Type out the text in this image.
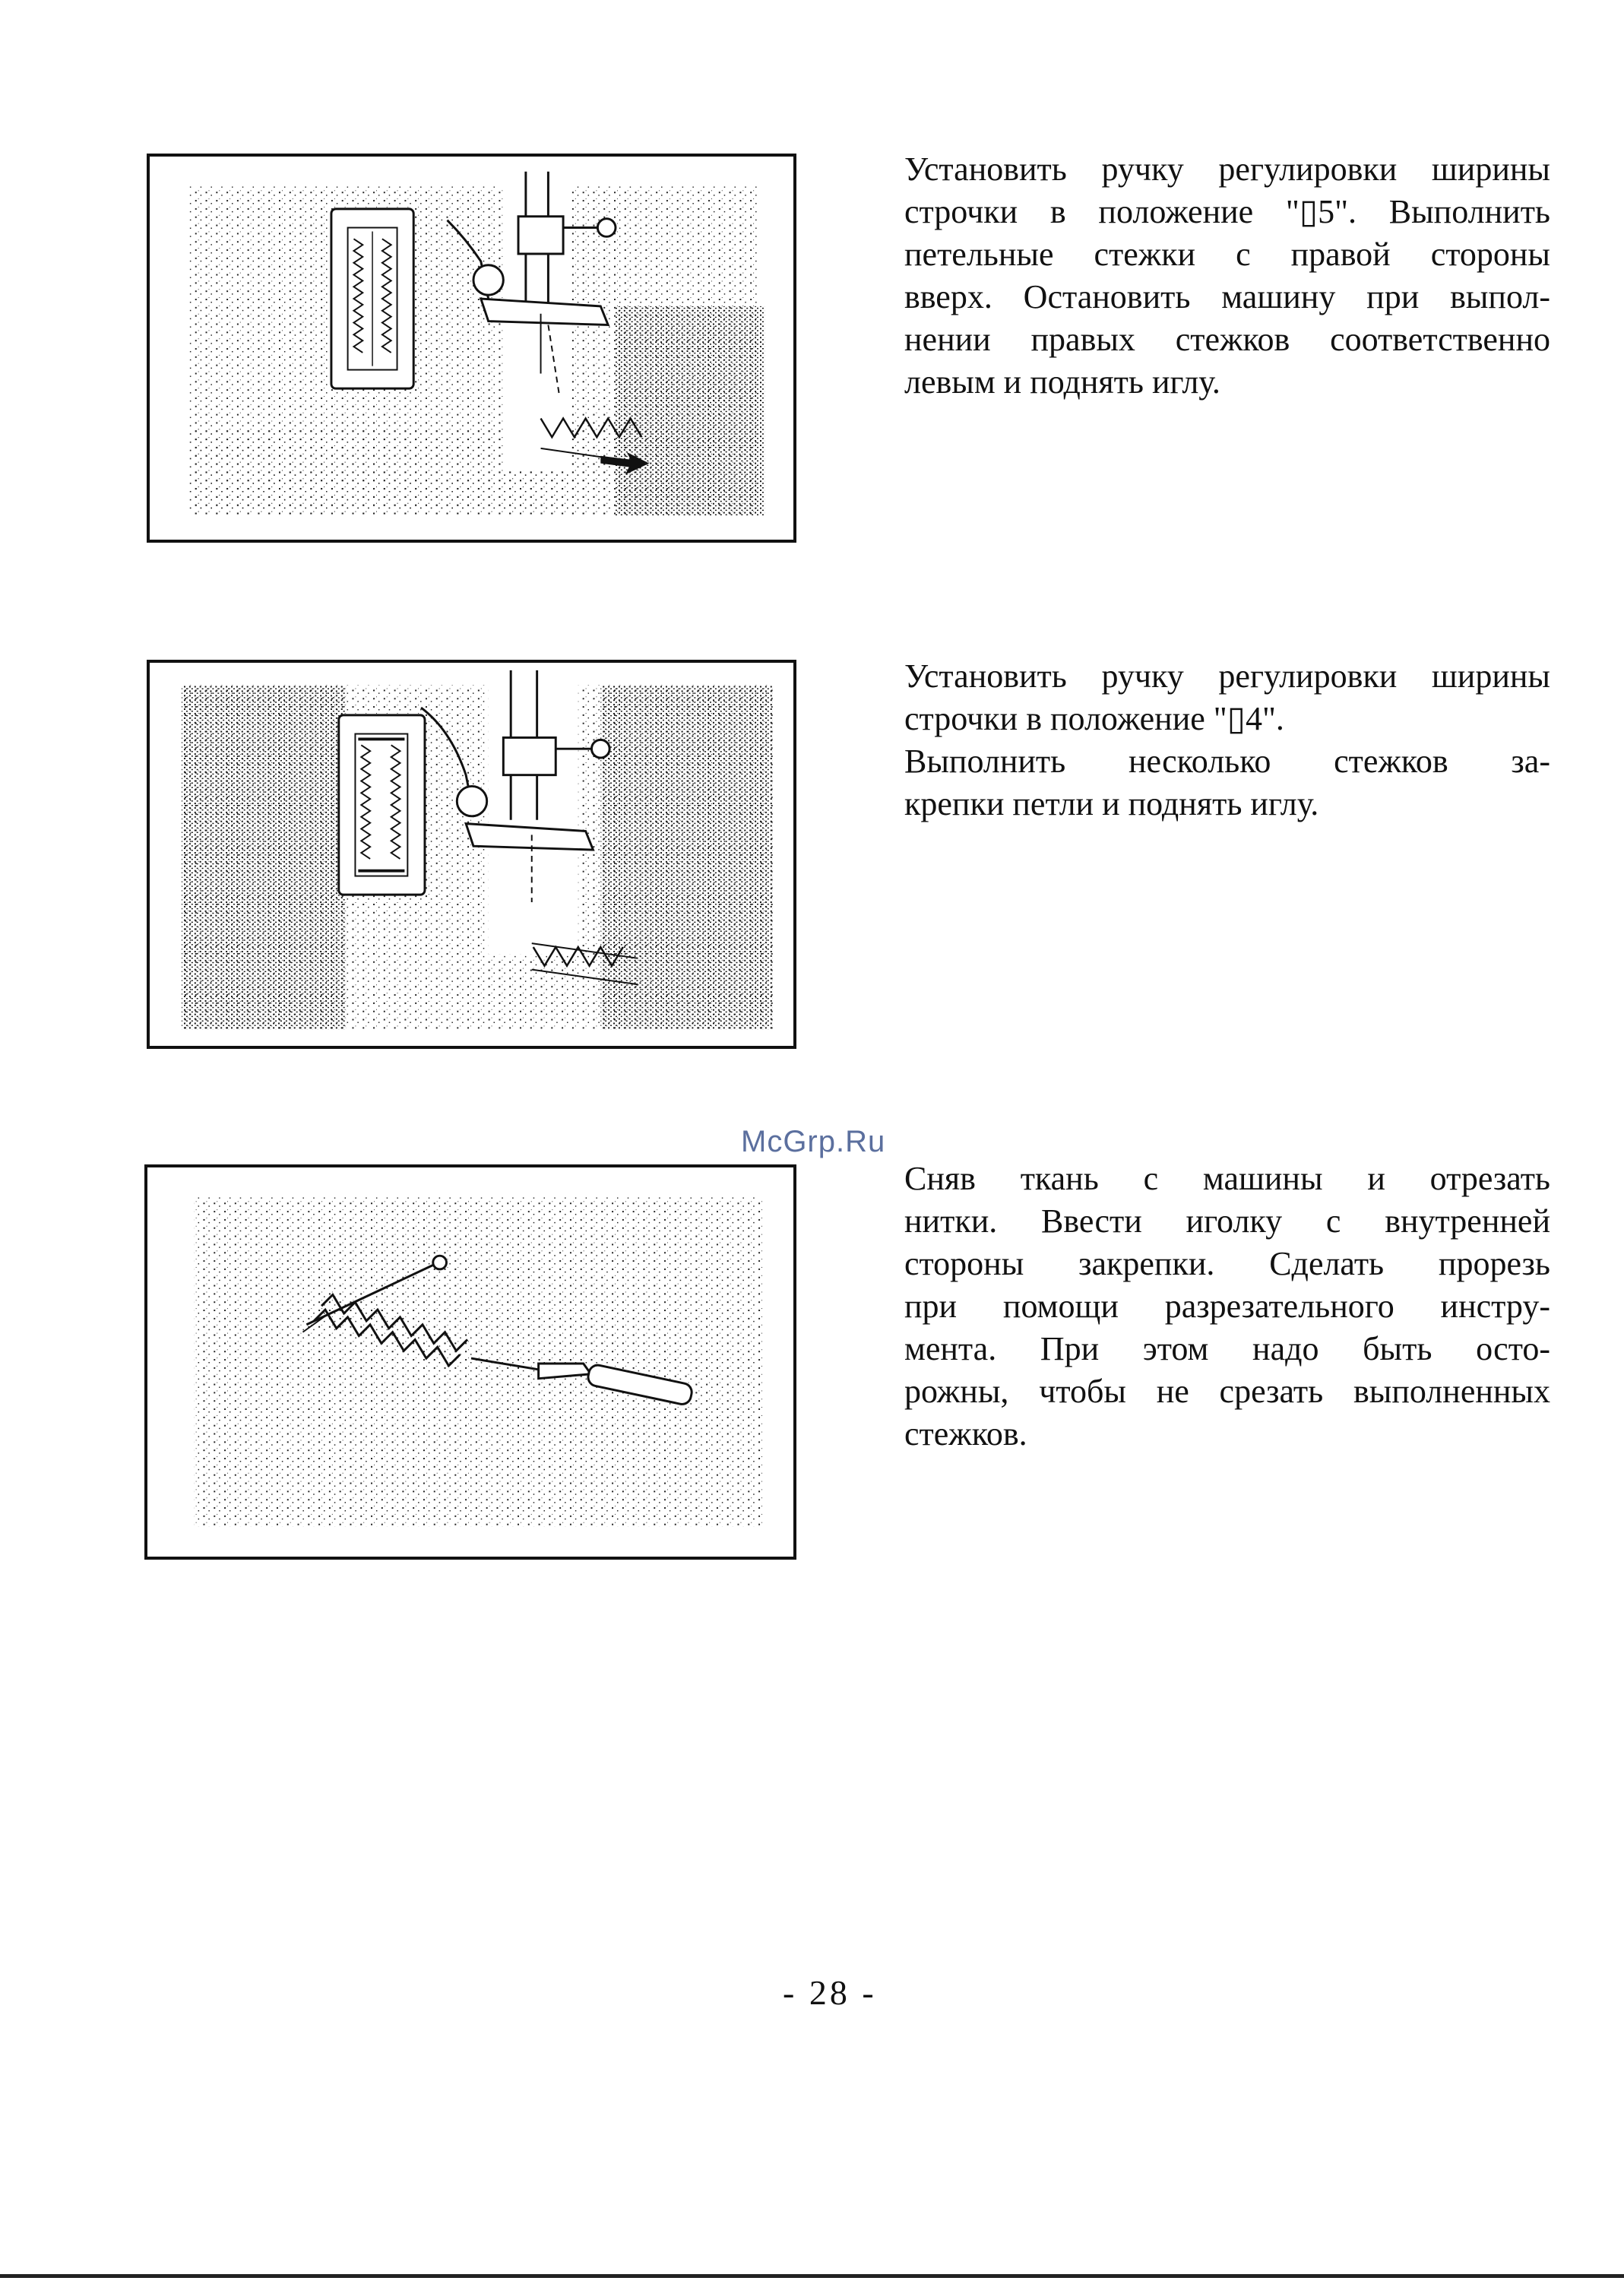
Установить ручку регулировки ширины
строчки в положение "▯5". Выполнить
петельные стежки с правой стороны
вверх. Остановить машину при выпол-
нении правых стежков соответственно
левым и поднять иглу.
Установить ручку регулировки ширины
строчки в положение "▯4".
Выполнить несколько стежков за-
крепки петли и поднять иглу.
Сняв ткань с машины и отрезать
нитки. Ввести иголку с внутренней
стороны закрепки. Сделать прорезь
при помощи разрезательного инстру-
мента. При этом надо быть осто-
рожны, чтобы не срезать выполненных
стежков.
McGrp.Ru
- 28 -
